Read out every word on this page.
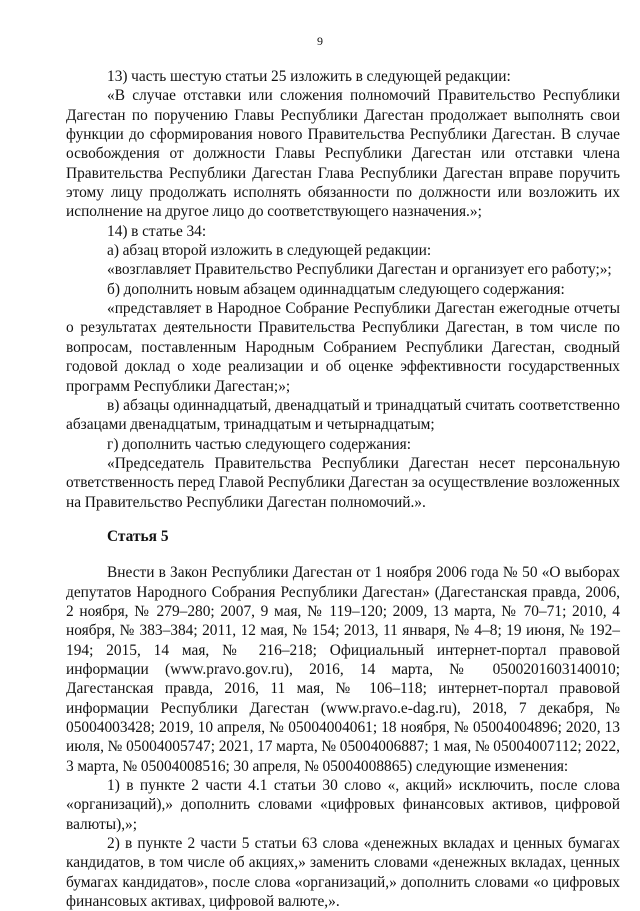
9

13) часть шестую статьи 25 изложить в следующей редакции:

«В случае отставки или сложения полномочий Правительство Республики Дагестан по поручению Главы Республики Дагестан продолжает выполнять свои функции до сформирования нового Правительства Республики Дагестан. В случае освобождения от должности Главы Республики Дагестан или отставки члена Правительства Республики Дагестан Глава Республики Дагестан вправе поручить этому лицу продолжать исполнять обязанности по должности или возложить их исполнение на другое лицо до соответствующего назначения.»;

14) в статье 34:

а) абзац второй изложить в следующей редакции:

«возглавляет Правительство Республики Дагестан и организует его работу;»;

б) дополнить новым абзацем одиннадцатым следующего содержания:

«представляет в Народное Собрание Республики Дагестан ежегодные отчеты о результатах деятельности Правительства Республики Дагестан, в том числе по вопросам, поставленным Народным Собранием Республики Дагестан, сводный годовой доклад о ходе реализации и об оценке эффективности государственных программ Республики Дагестан;»;

в) абзацы одиннадцатый, двенадцатый и тринадцатый считать соответственно абзацами двенадцатым, тринадцатым и четырнадцатым;

г) дополнить частью следующего содержания:

«Председатель Правительства Республики Дагестан несет персональную ответственность перед Главой Республики Дагестан за осуществление возложенных на Правительство Республики Дагестан полномочий.».

Статья 5

Внести в Закон Республики Дагестан от 1 ноября 2006 года № 50 «О выборах депутатов Народного Собрания Республики Дагестан» (Дагестанская правда, 2006, 2 ноября, № 279–280; 2007, 9 мая, № 119–120; 2009, 13 марта, № 70–71; 2010, 4 ноября, № 383–384; 2011, 12 мая, № 154; 2013, 11 января, № 4–8; 19 июня, № 192–194; 2015, 14 мая, № 216–218; Официальный интернет-портал правовой информации (www.pravo.gov.ru), 2016, 14 марта, № 0500201603140010; Дагестанская правда, 2016, 11 мая, № 106–118; интернет-портал правовой информации Республики Дагестан (www.pravo.e-dag.ru), 2018, 7 декабря, № 05004003428; 2019, 10 апреля, № 05004004061; 18 ноября, № 05004004896; 2020, 13 июля, № 05004005747; 2021, 17 марта, № 05004006887; 1 мая, № 05004007112; 2022, 3 марта, № 05004008516; 30 апреля, № 05004008865) следующие изменения:

1) в пункте 2 части 4.1 статьи 30 слово «, акций» исключить, после слова «организаций),» дополнить словами «цифровых финансовых активов, цифровой валюты),»;

2) в пункте 2 части 5 статьи 63 слова «денежных вкладах и ценных бумагах кандидатов, в том числе об акциях,» заменить словами «денежных вкладах, ценных бумагах кандидатов», после слова «организаций,» дополнить словами «о цифровых финансовых активах, цифровой валюте,».
